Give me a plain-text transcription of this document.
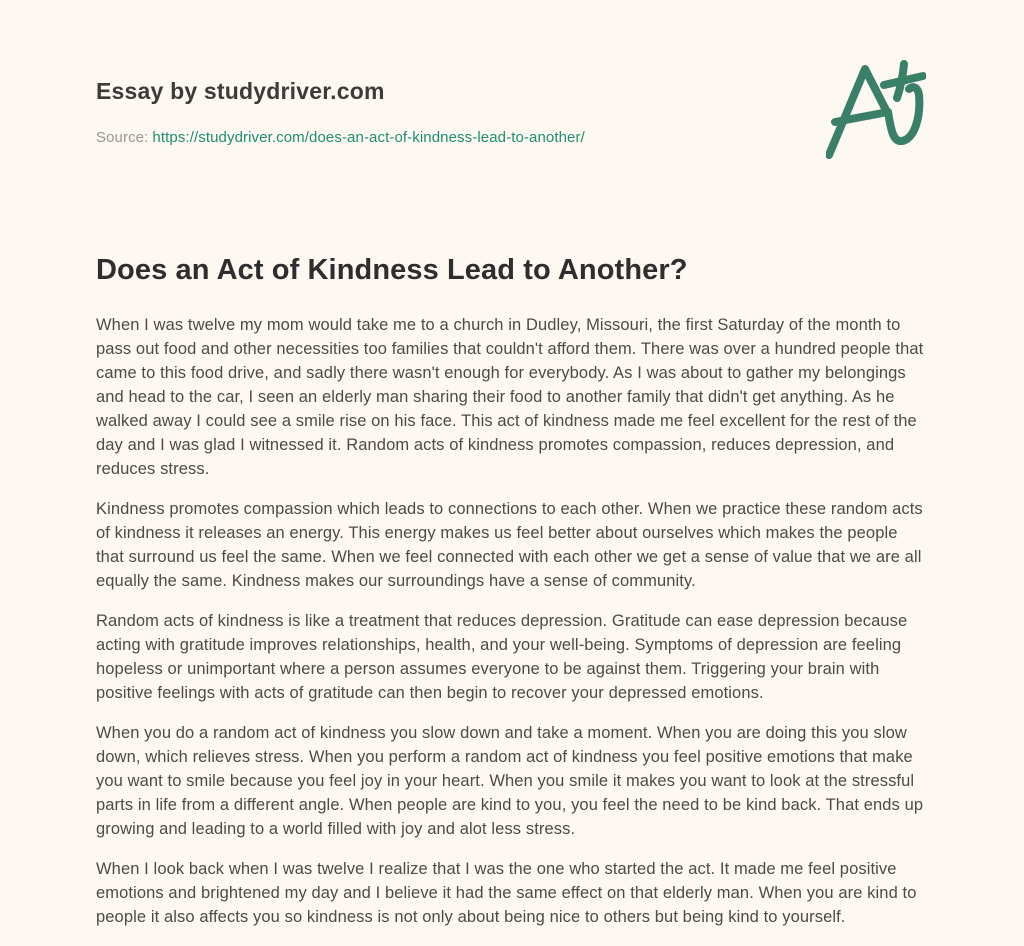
Essay by studydriver.com
Source: https://studydriver.com/does-an-act-of-kindness-lead-to-another/
Does an Act of Kindness Lead to Another?

When I was twelve my mom would take me to a church in Dudley, Missouri, the first Saturday of the month to pass out food and other necessities too families that couldn't afford them. There was over a hundred people that came to this food drive, and sadly there wasn't enough for everybody. As I was about to gather my belongings and head to the car, I seen an elderly man sharing their food to another family that didn't get anything. As he walked away I could see a smile rise on his face. This act of kindness made me feel excellent for the rest of the day and I was glad I witnessed it. Random acts of kindness promotes compassion, reduces depression, and reduces stress.

Kindness promotes compassion which leads to connections to each other. When we practice these random acts of kindness it releases an energy. This energy makes us feel better about ourselves which makes the people that surround us feel the same. When we feel connected with each other we get a sense of value that we are all equally the same. Kindness makes our surroundings have a sense of community.

Random acts of kindness is like a treatment that reduces depression. Gratitude can ease depression because acting with gratitude improves relationships, health, and your well-being. Symptoms of depression are feeling hopeless or unimportant where a person assumes everyone to be against them. Triggering your brain with positive feelings with acts of gratitude can then begin to recover your depressed emotions.

When you do a random act of kindness you slow down and take a moment. When you are doing this you slow down, which relieves stress. When you perform a random act of kindness you feel positive emotions that make you want to smile because you feel joy in your heart. When you smile it makes you want to look at the stressful parts in life from a different angle. When people are kind to you, you feel the need to be kind back. That ends up growing and leading to a world filled with joy and alot less stress.

When I look back when I was twelve I realize that I was the one who started the act. It made me feel positive emotions and brightened my day and I believe it had the same effect on that elderly man. When you are kind to people it also affects you so kindness is not only about being nice to others but being kind to yourself.
